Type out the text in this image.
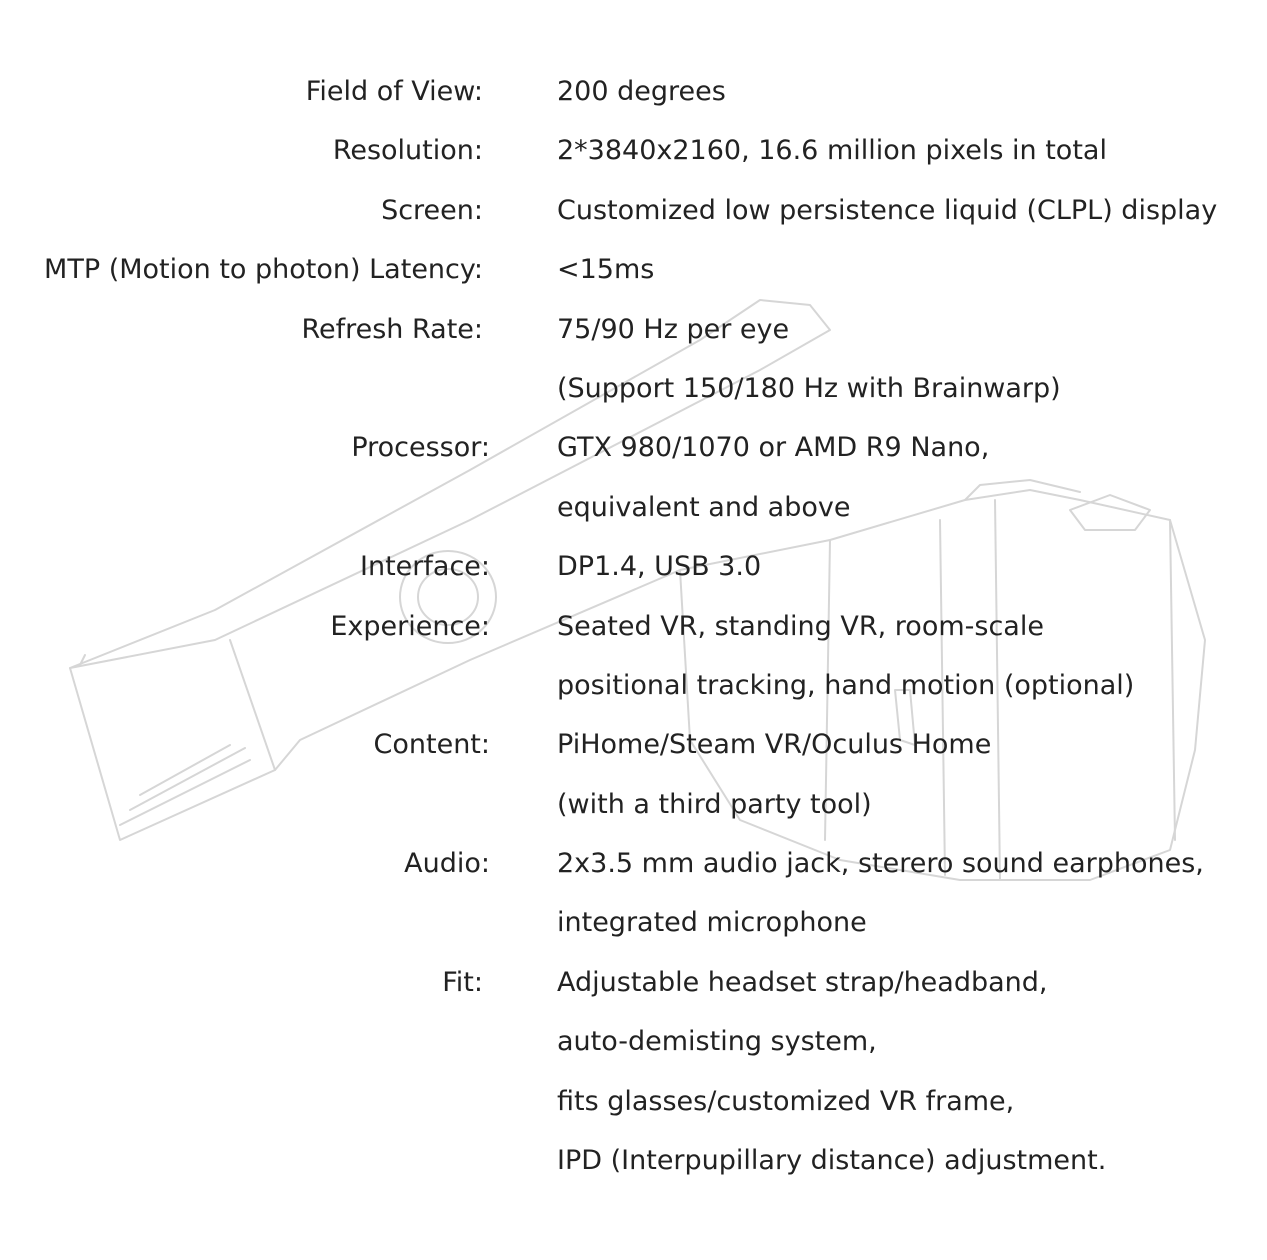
Field of View:	200 degrees
Resolution:	2*3840x2160, 16.6 million pixels in total
Screen:	Customized low persistence liquid (CLPL) display
MTP (Motion to photon) Latency:	<15ms
Refresh Rate:	75/90 Hz per eye
(Support 150/180 Hz with Brainwarp)
Processor: GTX 980/1070 or AMD R9 Nano,
equivalent and above
Interface: DP1.4, USB 3.0
Experience: Seated VR, standing VR, room-scale
positional tracking, hand motion (optional)
Content: PiHome/Steam VR/Oculus Home
(with a third party tool)
Audio: 2x3.5 mm audio jack, sterero sound earphones,
integrated microphone
Fit:	Adjustable headset strap/headband,
auto-demisting system,
fits glasses/customized VR frame,
IPD (Interpupillary distance) adjustment.
